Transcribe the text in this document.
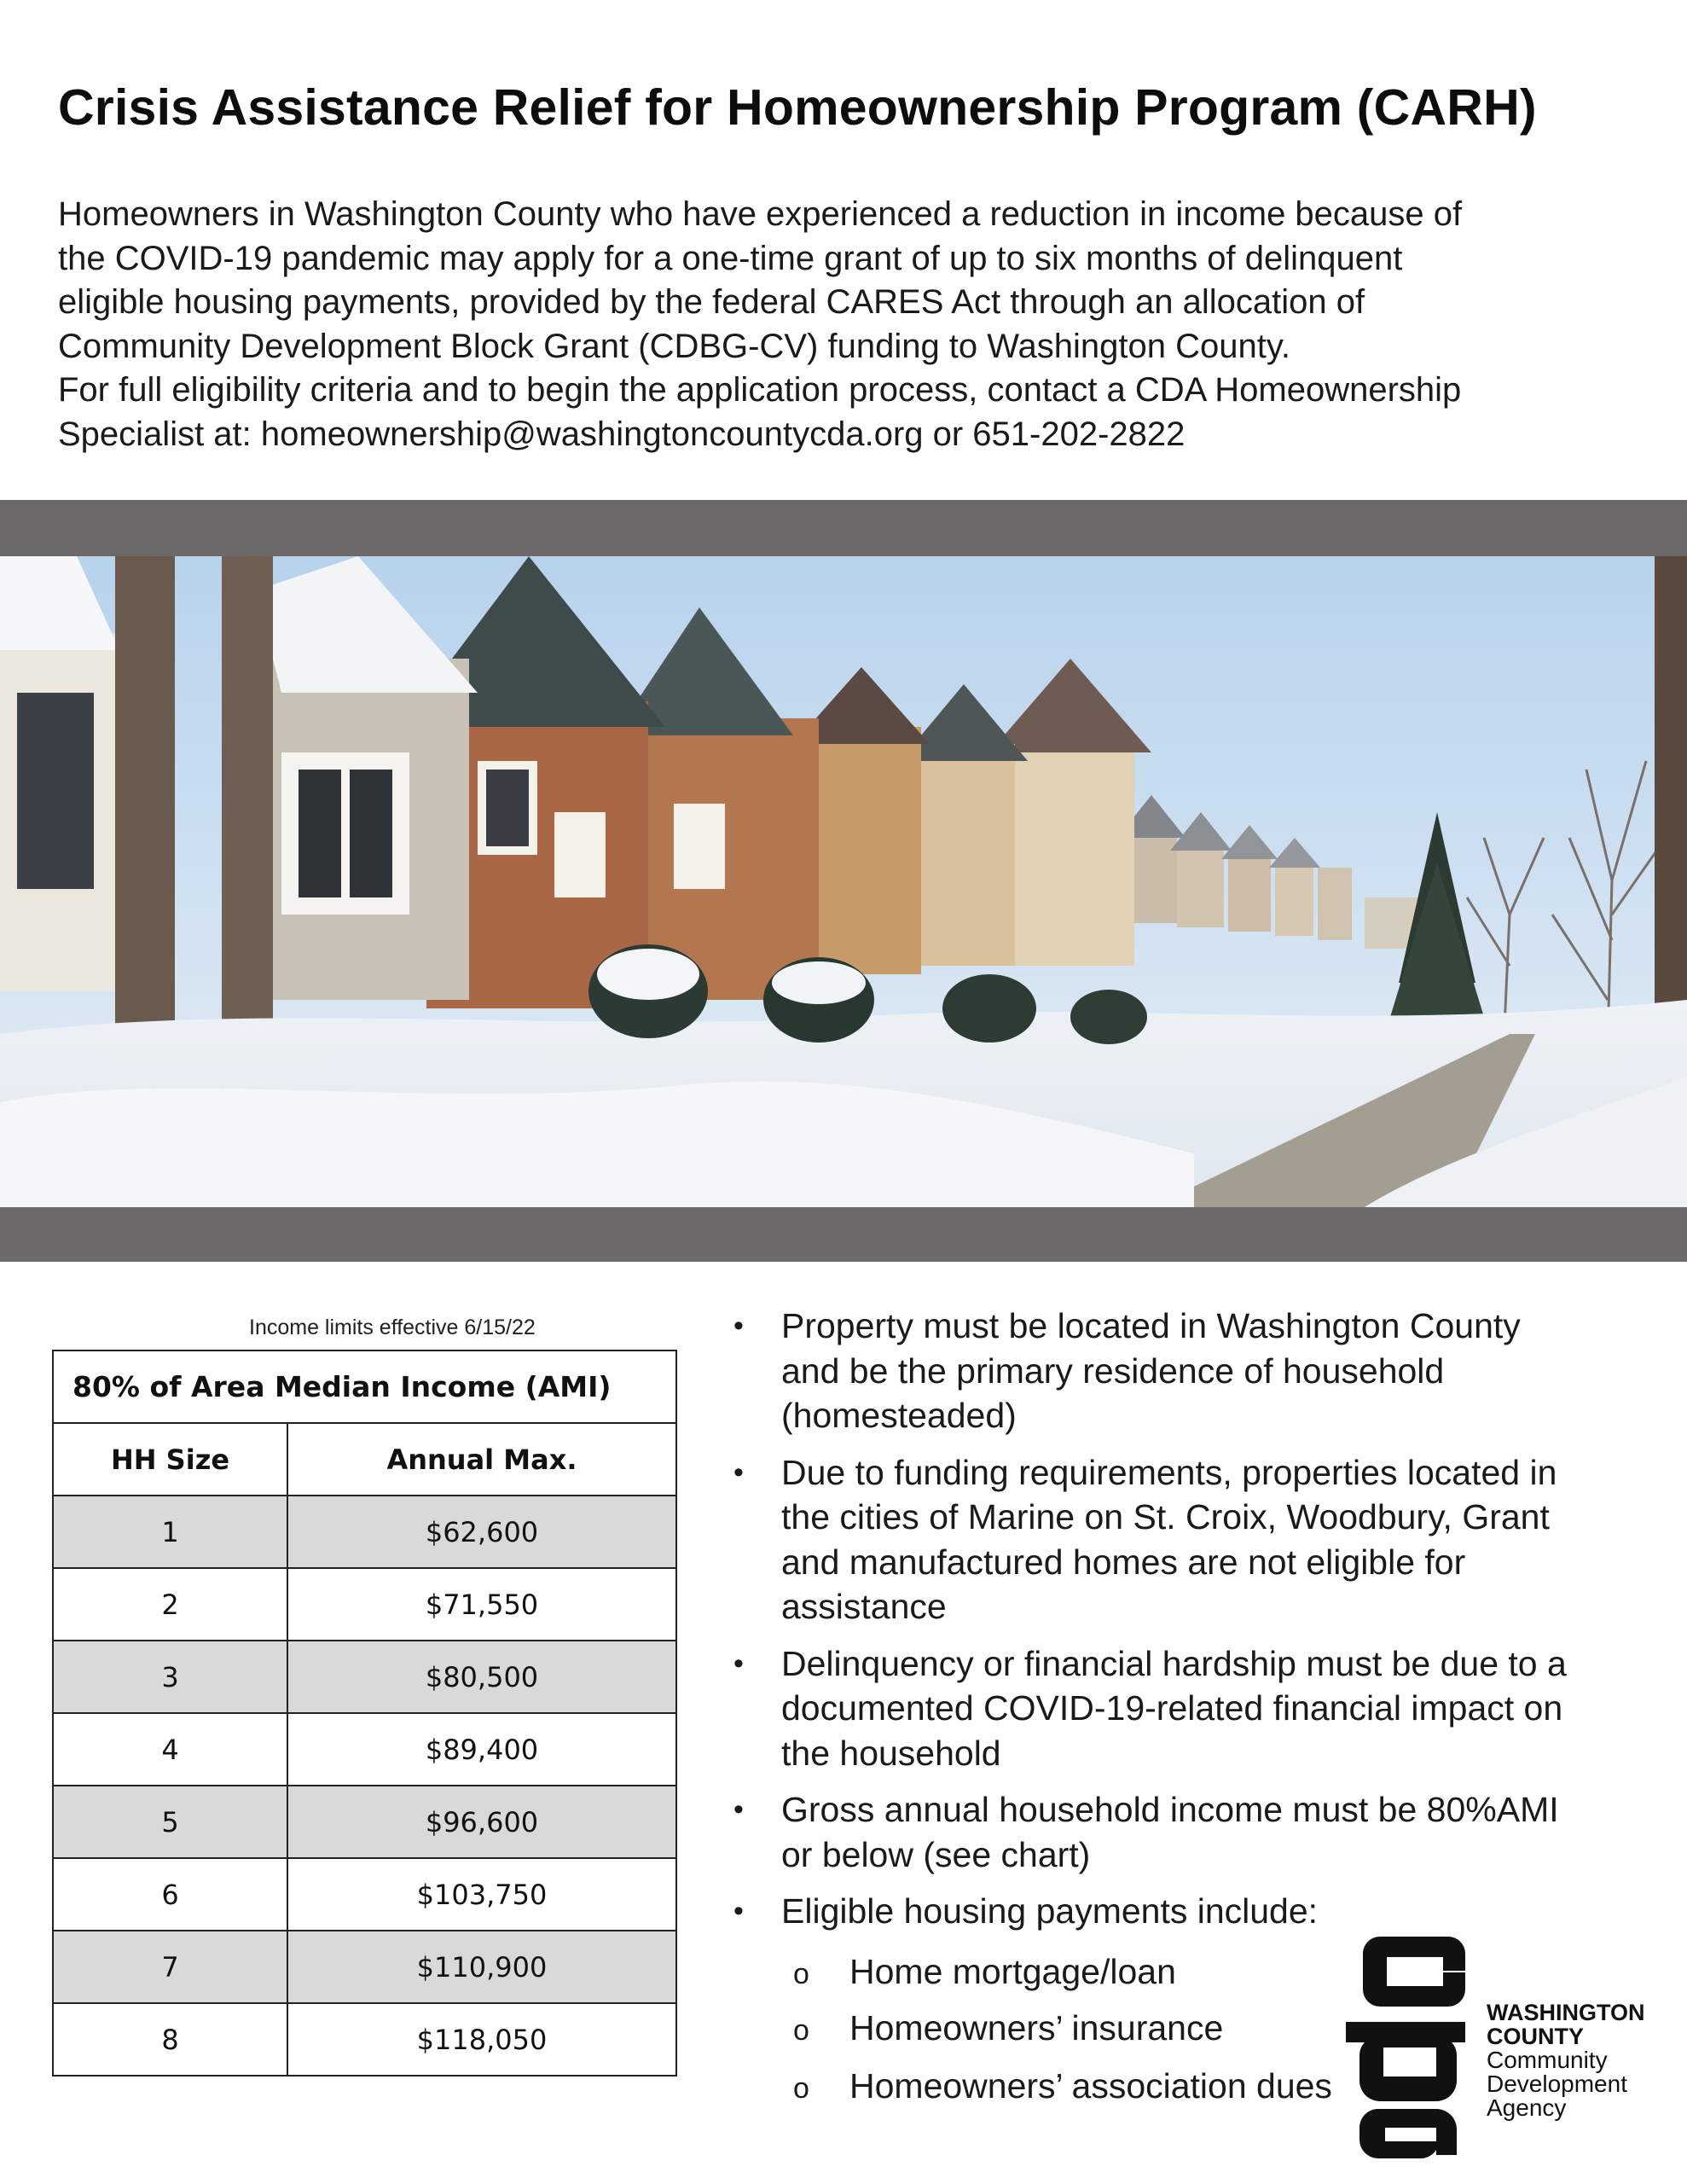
Crisis Assistance Relief for Homeownership Program (CARH)
Homeowners in Washington County who have experienced a reduction in income because of
the COVID-19 pandemic may apply for a one-time grant of up to six months of delinquent
eligible housing payments, provided by the federal CARES Act through an allocation of
Community Development Block Grant (CDBG-CV) funding to Washington County.
For full eligibility criteria and to begin the application process, contact a CDA Homeownership
Specialist at: homeownership@washingtoncountycda.org or 651-202-2822
Income limits effective 6/15/22
80% of Area Median Income (AMI)	
HH Size	Annual Max.
1	$62,600
2	$71,550
3	$80,500
4	$89,400
5	$96,600
6	$103,750
7	$110,900
8	$118,050
• Property must be located in Washington County
and be the primary residence of household
(homesteaded)
• Due to funding requirements, properties located in
the cities of Marine on St. Croix, Woodbury, Grant
and manufactured homes are not eligible for
assistance
• Delinquency or financial hardship must be due to a
documented COVID-19-related financial impact on
the household
• Gross annual household income must be 80%AMI
or below (see chart)
• Eligible housing payments include:
o Home mortgage/loan
o Homeowners’ insurance
o Homeowners’ association dues
WASHINGTON
COUNTY
Community
Development
Agency
